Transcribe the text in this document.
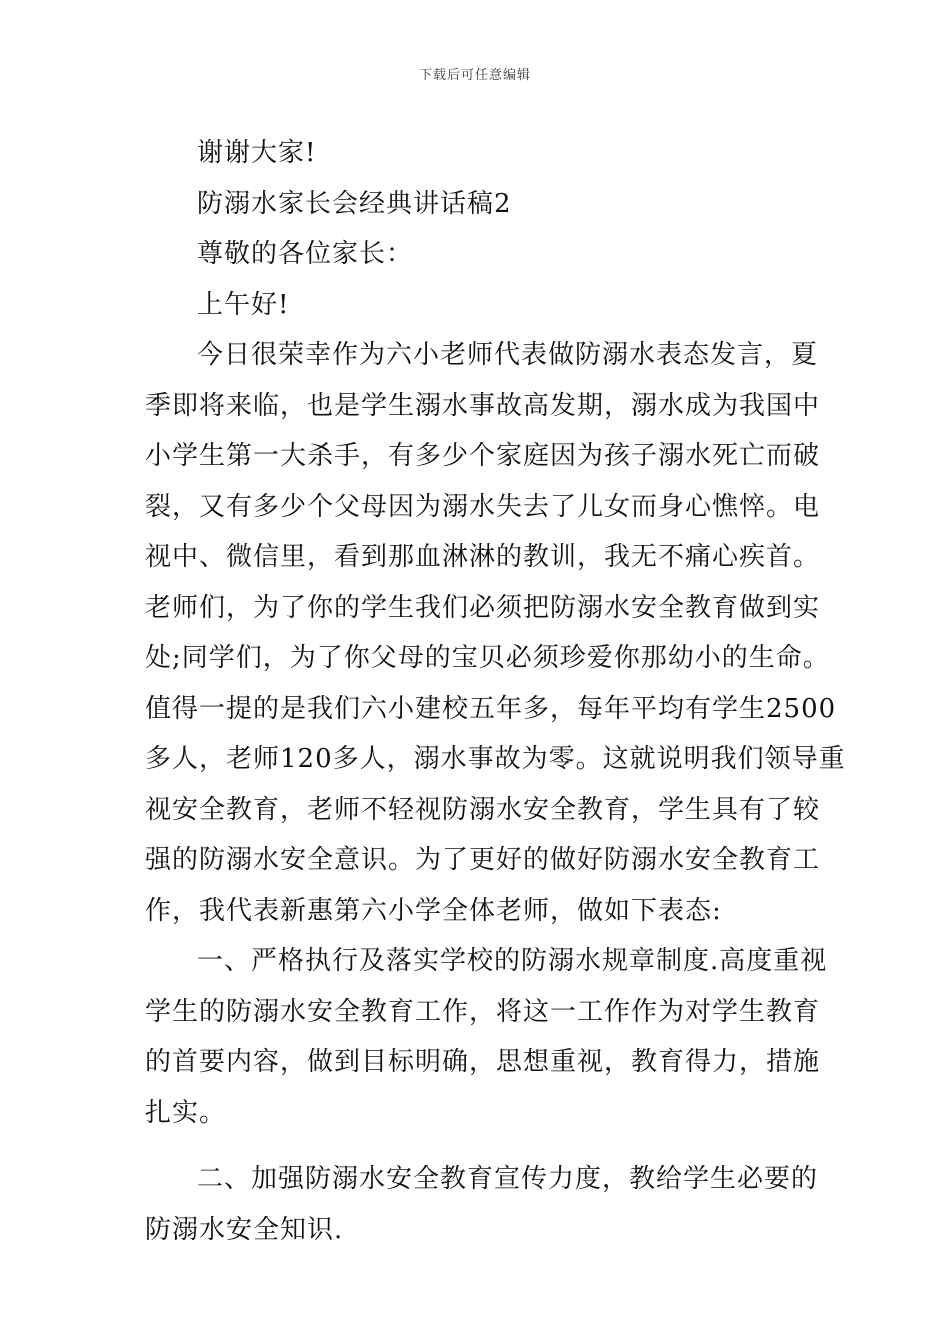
下载后可任意编辑
谢谢大家!
防溺水家长会经典讲话稿2
尊敬的各位家长：
上午好!
今日很荣幸作为六小老师代表做防溺水表态发言，夏
季即将来临，也是学生溺水事故高发期，溺水成为我国中
小学生第一大杀手，有多少个家庭因为孩子溺水死亡而破
裂，又有多少个父母因为溺水失去了儿女而身心憔悴。电
视中、微信里，看到那血淋淋的教训，我无不痛心疾首。
老师们，为了你的学生我们必须把防溺水安全教育做到实
处;同学们，为了你父母的宝贝必须珍爱你那幼小的生命。
值得一提的是我们六小建校五年多，每年平均有学生2500
多人，老师120多人，溺水事故为零。这就说明我们领导重
视安全教育，老师不轻视防溺水安全教育，学生具有了较
强的防溺水安全意识。为了更好的做好防溺水安全教育工
作，我代表新惠第六小学全体老师，做如下表态:
一、严格执行及落实学校的防溺水规章制度.高度重视
学生的防溺水安全教育工作，将这一工作作为对学生教育
的首要内容，做到目标明确，思想重视，教育得力，措施
扎实。
二、加强防溺水安全教育宣传力度，教给学生必要的
防溺水安全知识.
